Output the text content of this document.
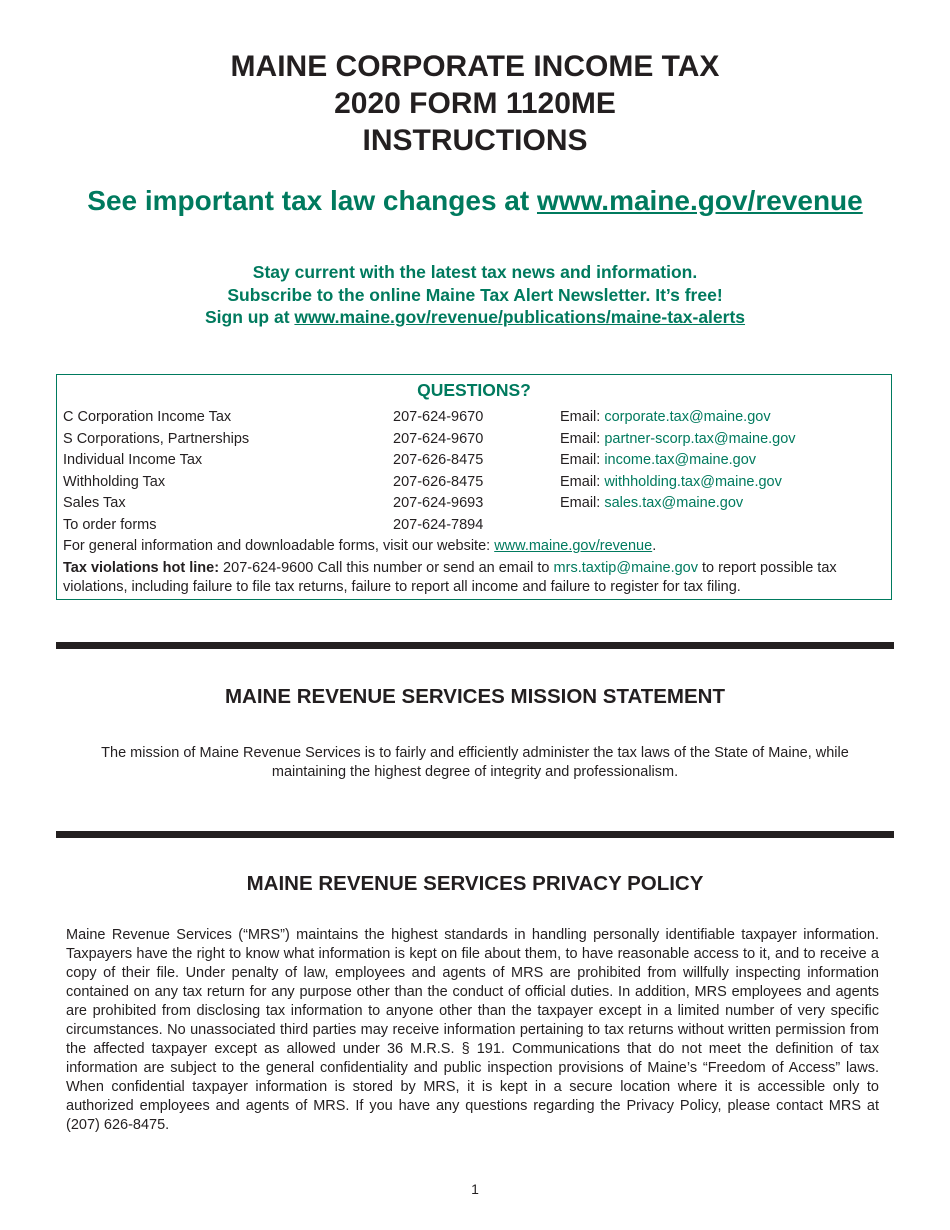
MAINE CORPORATE INCOME TAX
2020 FORM 1120ME
INSTRUCTIONS
See important tax law changes at www.maine.gov/revenue
Stay current with the latest tax news and information.
Subscribe to the online Maine Tax Alert Newsletter. It’s free!
Sign up at www.maine.gov/revenue/publications/maine-tax-alerts
QUESTIONS?
C Corporation Income Tax	207-624-9670	Email: corporate.tax@maine.gov
S Corporations, Partnerships	207-624-9670	Email: partner-scorp.tax@maine.gov
Individual Income Tax	207-626-8475	Email: income.tax@maine.gov
Withholding Tax	207-626-8475	Email: withholding.tax@maine.gov
Sales Tax	207-624-9693	Email: sales.tax@maine.gov
To order forms	207-624-7894
For general information and downloadable forms, visit our website: www.maine.gov/revenue.
Tax violations hot line: 207-624-9600 Call this number or send an email to mrs.taxtip@maine.gov to report possible tax violations, including failure to file tax returns, failure to report all income and failure to register for tax filing.
MAINE REVENUE SERVICES MISSION STATEMENT
The mission of Maine Revenue Services is to fairly and efficiently administer the tax laws of the State of Maine, while maintaining the highest degree of integrity and professionalism.
MAINE REVENUE SERVICES PRIVACY POLICY
Maine Revenue Services (“MRS”) maintains the highest standards in handling personally identifiable taxpayer information. Taxpayers have the right to know what information is kept on file about them, to have reasonable access to it, and to receive a copy of their file. Under penalty of law, employees and agents of MRS are prohibited from willfully inspecting information contained on any tax return for any purpose other than the conduct of official duties. In addition, MRS employees and agents are prohibited from disclosing tax information to anyone other than the taxpayer except in a limited number of very specific circumstances. No unassociated third parties may receive information pertaining to tax returns without written permission from the affected taxpayer except as allowed under 36 M.R.S. § 191. Communications that do not meet the definition of tax information are subject to the general confidentiality and public inspection provisions of Maine’s “Freedom of Access” laws. When confidential taxpayer information is stored by MRS, it is kept in a secure location where it is accessible only to authorized employees and agents of MRS. If you have any questions regarding the Privacy Policy, please contact MRS at (207) 626-8475.
1
